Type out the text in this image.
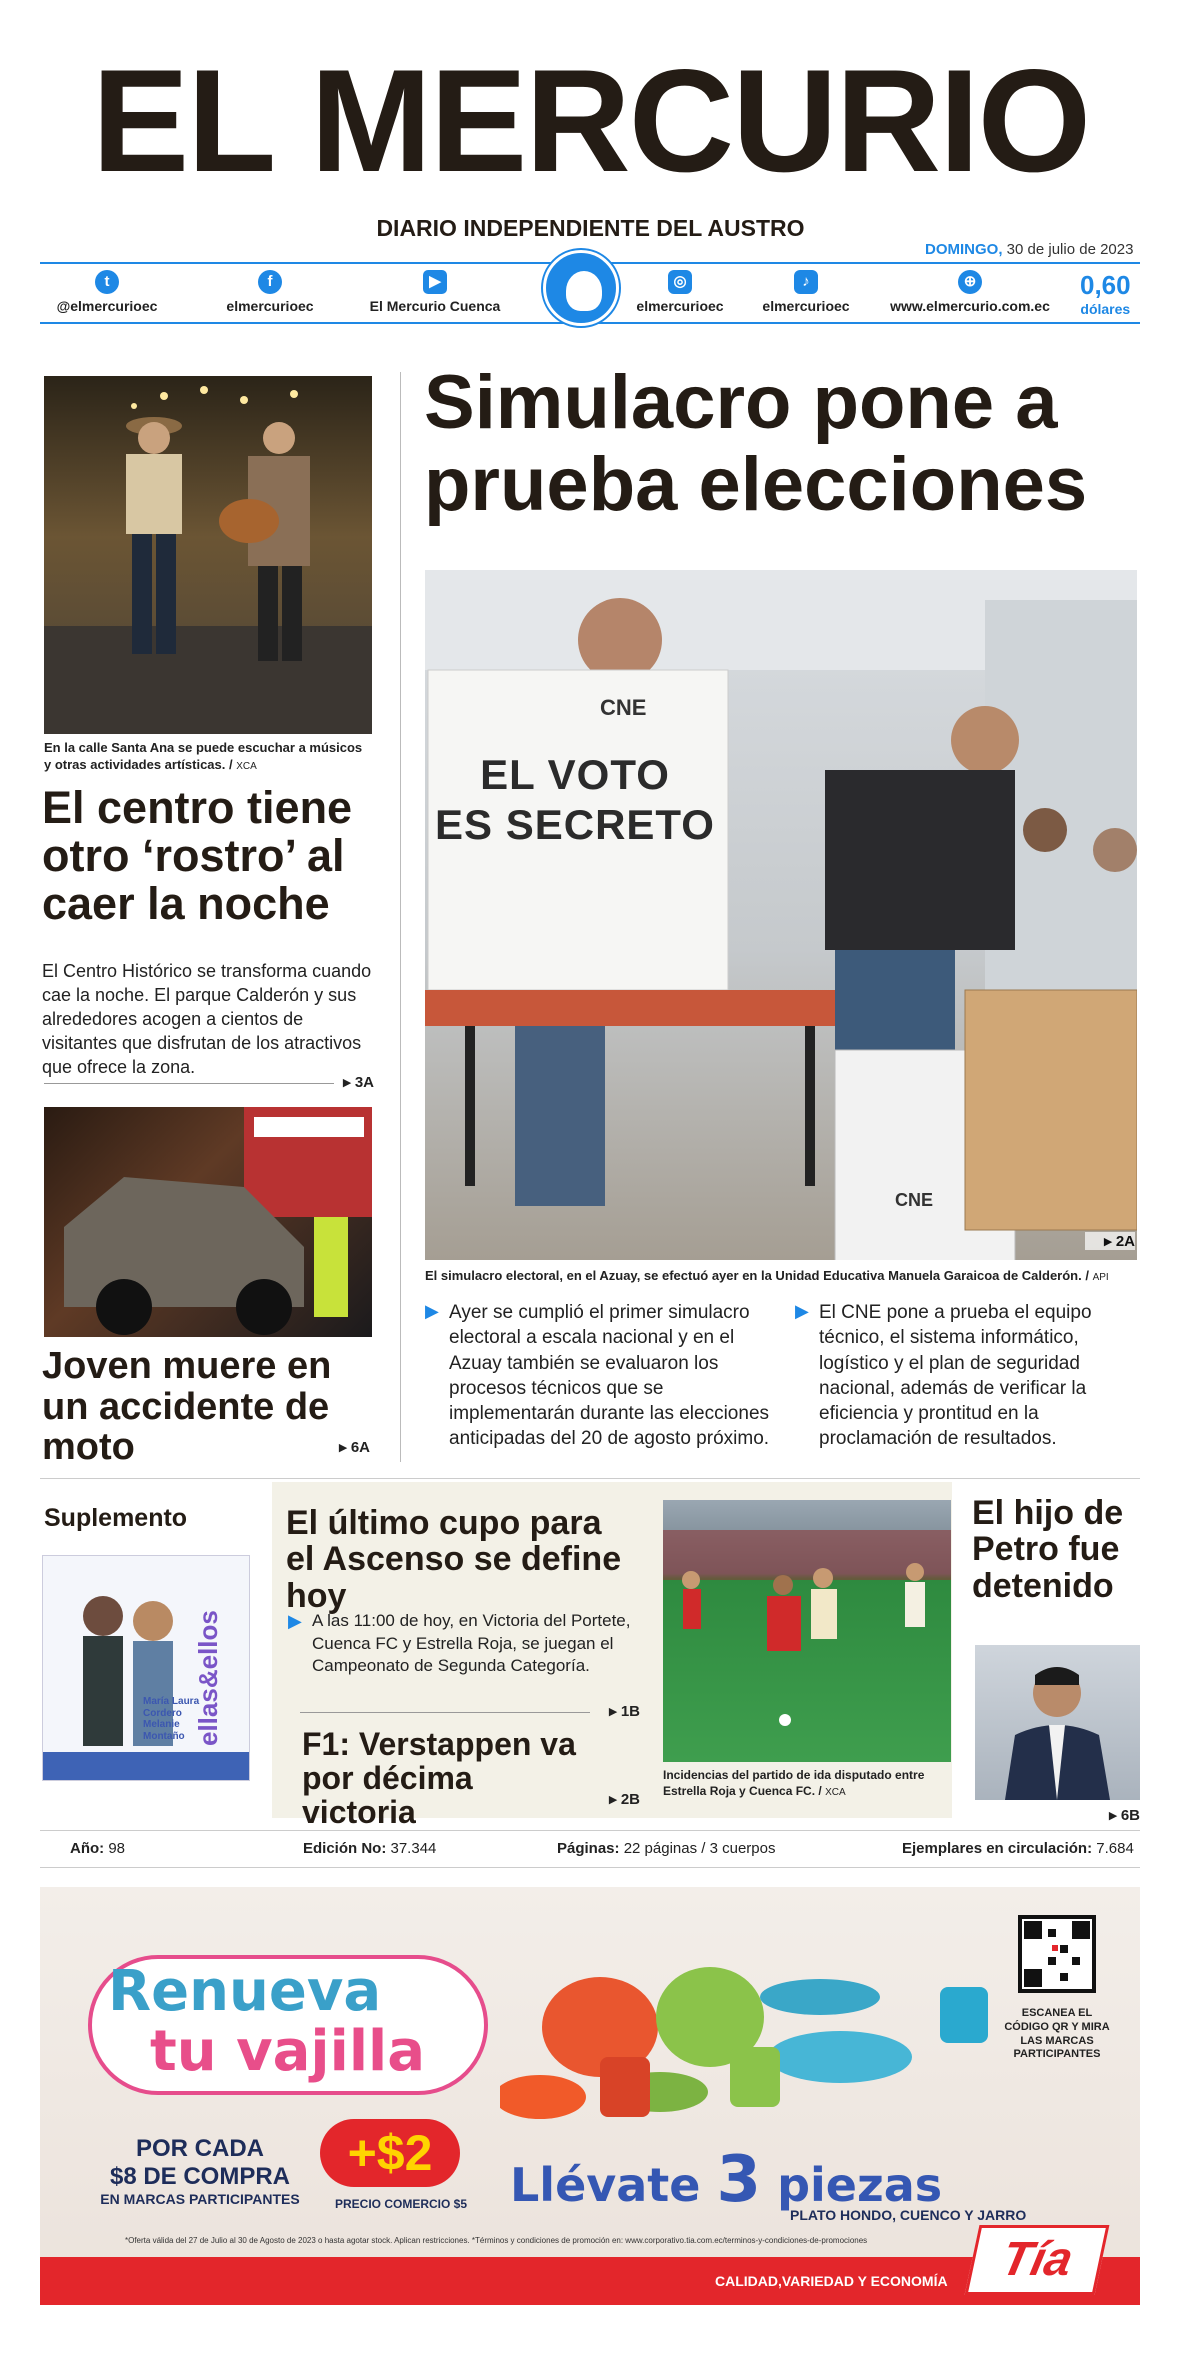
EL MERCURIO
DIARIO INDEPENDIENTE DEL AUSTRO
DOMINGO, 30 de julio de 2023
t
@elmercurioec
f
elmercurioec
▶
El Mercurio Cuenca
◎
elmercurioec
♪
elmercurioec
⊕
www.elmercurio.com.ec
0,60
dólares
En la calle Santa Ana se puede escuchar a músicos y otras actividades artísticas. / XCA
El centro tiene otro ‘rostro’ al caer la noche
El Centro Histórico se transforma cuando cae la noche. El parque Calderón y sus alrededores acogen a cientos de visitantes que disfrutan de los atractivos que ofrece la zona.
▸ 3A
Joven muere en un accidente de moto	▸ 6A
Simulacro pone a prueba elecciones
EL VOTO
ES SECRETO
CNE
CNE
▸ 2A
El simulacro electoral, en el Azuay, se efectuó ayer en la Unidad Educativa Manuela Garaicoa de Calderón. / API
▶ Ayer se cumplió el primer simulacro electoral a escala nacional y en el Azuay también se evaluaron los procesos técnicos que se implementarán durante las elecciones anticipadas del 20 de agosto próximo.
▶ El CNE pone a prueba el equipo técnico, el sistema informático, logístico y el plan de seguridad nacional, además de verificar la eficiencia y prontitud en la proclamación de resultados.
Suplemento
ellas&ellos
María Laura Cordero Melanie Montaño
El último cupo para el Ascenso se define hoy
▶ A las 11:00 de hoy, en Victoria del Portete, Cuenca FC y Estrella Roja, se juegan el Campeonato de Segunda Categoría.
▸ 1B
F1: Verstappen va por décima victoria	▸ 2B
Incidencias del partido de ida disputado entre Estrella Roja y Cuenca FC. / XCA
El hijo de Petro fue detenido
▸ 6B
Año: 98	Edición No: 37.344	Páginas: 22 páginas / 3 cuerpos	Ejemplares en circulación: 7.684
Renueva
tu vajilla
POR CADA
$8 DE COMPRA
EN MARCAS PARTICIPANTES
+$2
PRECIO COMERCIO $5 Llévate 3 piezas
PLATO HONDO, CUENCO Y JARRO
ESCANEA EL CÓDIGO QR Y MIRA LAS MARCAS PARTICIPANTES
*Oferta válida del 27 de Julio al 30 de Agosto de 2023 o hasta agotar stock. Aplican restricciones. *Términos y condiciones de promoción en: www.corporativo.tia.com.ec/terminos-y-condiciones-de-promociones
CALIDAD,VARIEDAD Y ECONOMÍA	Tía
